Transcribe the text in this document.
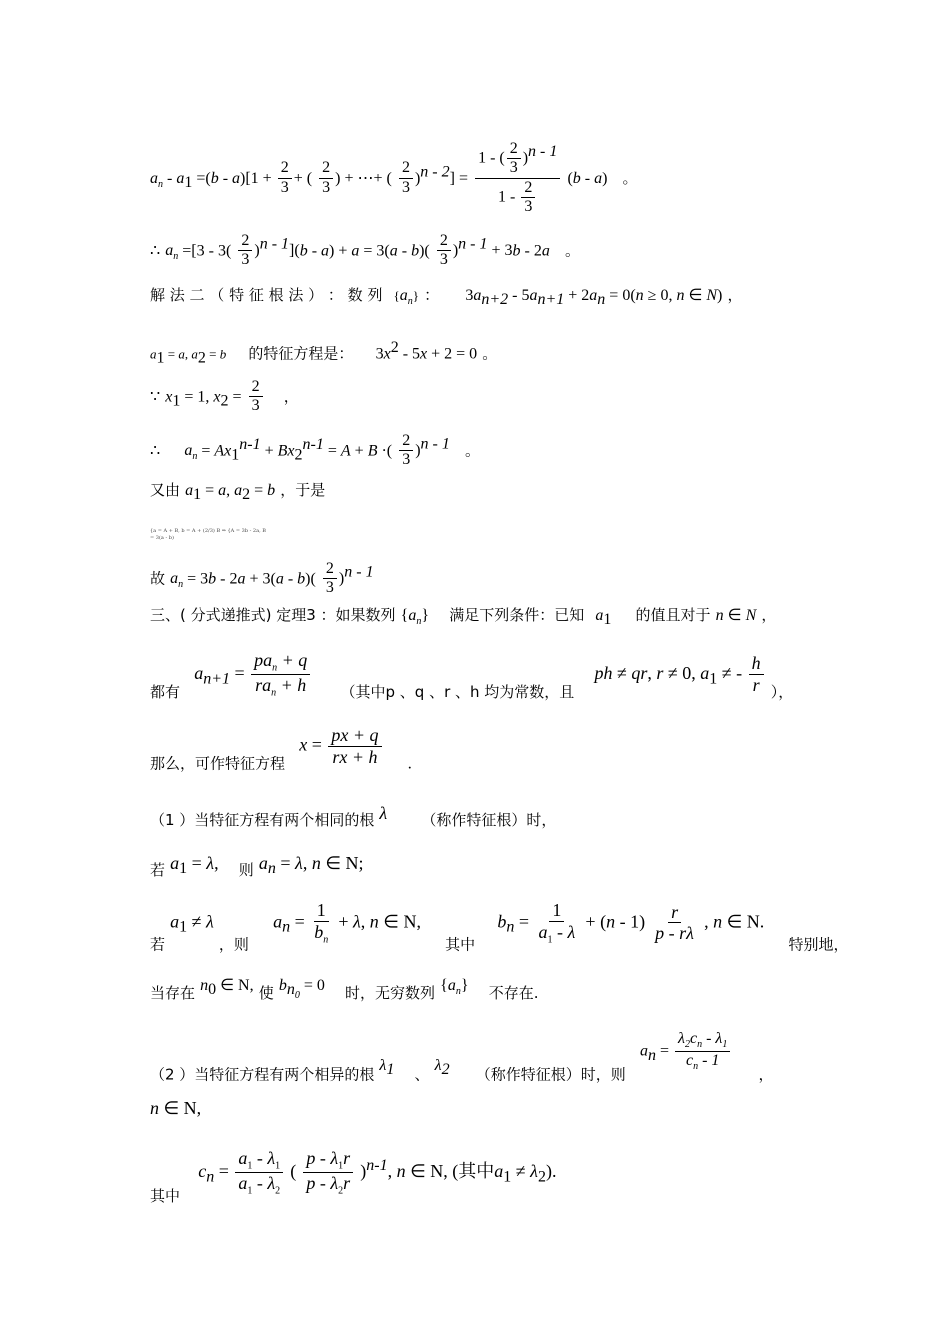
$a_n - a_1 =(b - a)[1 + \frac{2}{3}$ + ( $\frac{2}{3}$ ) + ⋯+ ( $\frac{2}{3} )^{n - 2}] = \frac{1 - ( \frac{2}{3} )^{n - 1}}{1 - \frac{2}{3}} (b - a)$ 。
∴ $a_n =[3 - 3( \frac{2}{3} )^{n - 1}](b - a) + a = 3(a - b)( \frac{2}{3} )^{n - 1} + 3b - 2a$ 。
解 法 二 （ 特 征 根 法 ） ： 数 列 $\{a_n\}$ ： $3a_{n+2} - 5a_{n+1} + 2a_n = 0(n \ge 0$, n ∈ N) ，
$a_1 = a$, $a_2 = b$ 的特征方程是： $3x^2 - 5x + 2 = 0$ 。
∵ $x_1 = 1$, $x_2 = \frac{2}{3}$ ，
∴ $a_n = Ax_1^{n-1} + Bx_2^{n-1} = A + B$ ·( $\frac{2}{3} )^{n - 1}$ 。
又由 $a_1 = a$, $a_2 = b$ ，于是
{a = A + B, b = A + (2/3) B ⇒ {A = 3b - 2a, B = 3(a - b)
故 $a_n = 3b - 2a + 3(a - b)( \frac{2}{3} )^{n - 1}$
三、( 分式递推式) 定理3 ：如果数列 $\{a_n\}$ 满足下列条件：已知 $a_1$ 的值且对于 n ∈ N ，
都有  $a_{n+1} = \frac{pa_n + q}{ra_n + h}$ （其中p 、q 、r 、h 均为常数，且  ph ≠ qr, r ≠ 0, $a_1$ ≠ - $\frac{h}{r}$ ），
那么，可作特征方程  $x = \frac{px + q}{rx + h}$ .
（1 ）当特征方程有两个相同的根 λ （称作特征根）时，
若 $a_1 = \lambda$, 则 $a_n = \lambda$, n ∈ N;
若 $a_1 \ne \lambda$ ，则  $a_n = \frac{1}{b_n} + \lambda$, n ∈ N,  其中  $b_n = \frac{1}{a_1 - \lambda} + (n - 1) \frac{r}{p - r\lambda}$ , n ∈ N.  特别地，
当存在 $n_0$ ∈ N, 使 $b_{n_0} = 0$ 时，无穷数列 $\{a_n\}$ 不存在.
（2 ）当特征方程有两个相异的根 $\lambda_1$ 、 $\lambda_2$ （称作特征根）时，则  $a_n = \frac{\lambda_2c_n - \lambda_1}{c_n - 1}$
，
n ∈ N,
其中  $c_n = \frac{a_1 - \lambda_1}{a_1 - \lambda_2}$ ( $\frac{p - \lambda_1r}{p - \lambda_2r} )^{n-1}$, n ∈ N, (其中$a_1 \ne \lambda_2$).
